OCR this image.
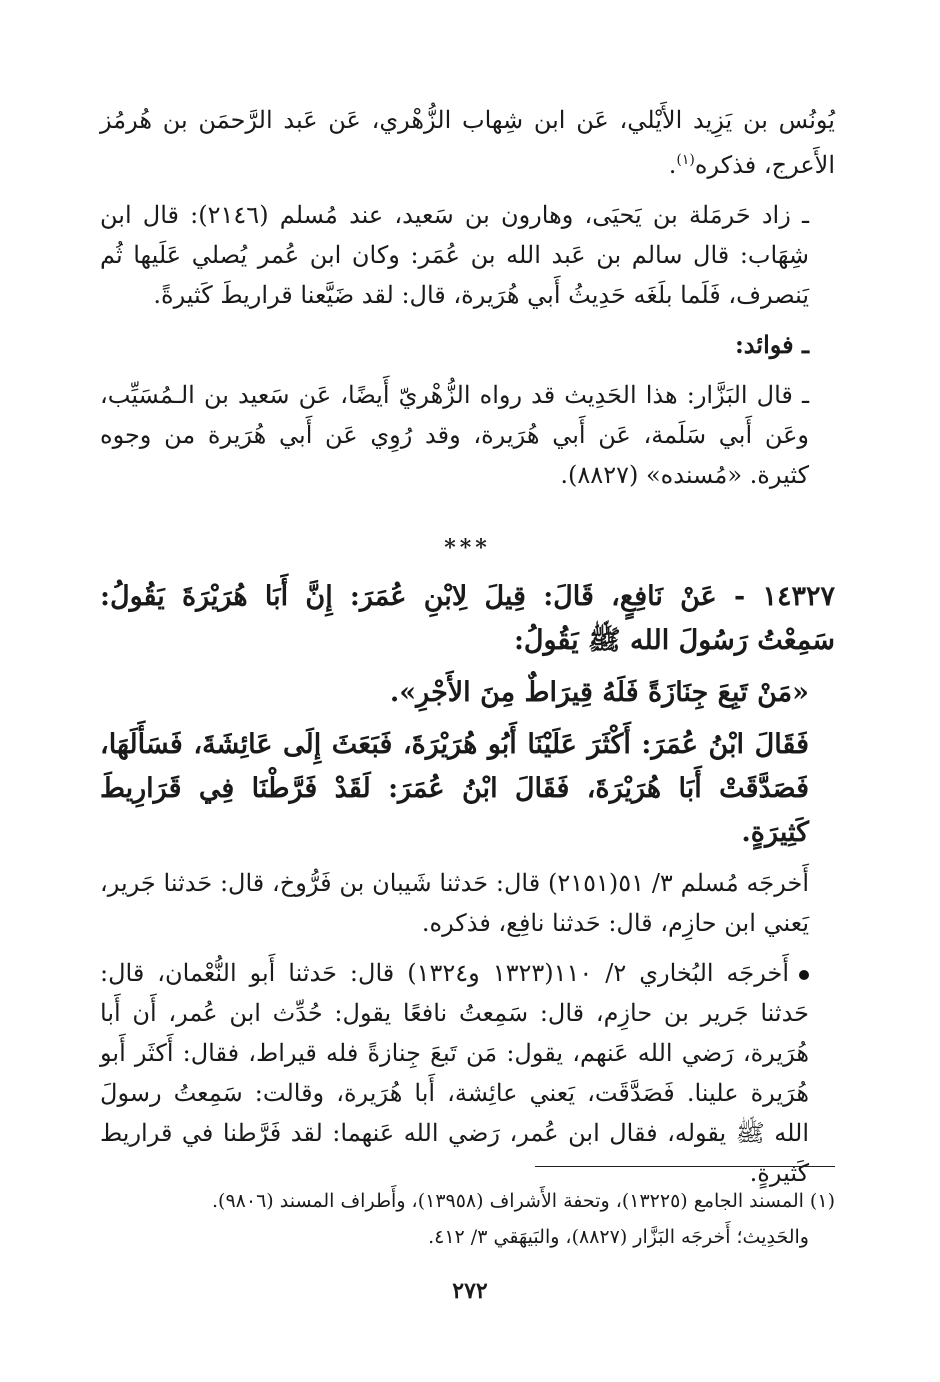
يُونُس بن يَزِيد الأَيْلي، عَن ابن شِهاب الزُّهْري، عَن عَبد الرَّحمَن بن هُرمُز الأَعرج، فذكره$^{(١)}$.

ـ زاد حَرمَلة بن يَحيَى، وهارون بن سَعيد، عند مُسلم (٢١٤٦): قال ابن شِهَاب: قال سالم بن عَبد الله بن عُمَر: وكان ابن عُمر يُصلي عَلَيها ثُم يَنصرف، فَلَما بلَغَه حَدِيثُ أَبي هُرَيرة، قال: لقد ضَيَّعنا قراريطَ كَثيرةً.

ـ فوائد:

ـ قال البَزَّار: هذا الحَدِيث قد رواه الزُّهْريّ أَيضًا، عَن سَعيد بن الـمُسَيِّب، وعَن أَبي سَلَمة، عَن أَبي هُرَيرة، وقد رُوِي عَن أَبي هُرَيرة من وجوه كثيرة. «مُسنده» (٨٨٢٧).

***

١٤٣٢٧ - عَنْ نَافِعٍ، قَالَ: قِيلَ لِابْنِ عُمَرَ: إِنَّ أَبَا هُرَيْرَةَ يَقُولُ: سَمِعْتُ رَسُولَ الله ﷺ يَقُولُ:

«مَنْ تَبِعَ جِنَازَةً فَلَهُ قِيرَاطٌ مِنَ الأَجْرِ».

فَقَالَ ابْنُ عُمَرَ: أَكْثَرَ عَلَيْنَا أَبُو هُرَيْرَةَ، فَبَعَثَ إِلَى عَائِشَةَ، فَسَأَلَهَا، فَصَدَّقَتْ أَبَا هُرَيْرَةَ، فَقَالَ ابْنُ عُمَرَ: لَقَدْ فَرَّطْنَا فِي قَرَارِيطَ كَثِيرَةٍ.

أَخرجَه مُسلم ٣/ ٥١(٢١٥١) قال: حَدثنا شَيبان بن فَرُّوخ، قال: حَدثنا جَرير، يَعني ابن حازِم، قال: حَدثنا نافِع، فذكره.

أَخرجَه البُخاري ٢/ ١١٠(١٣٢٣ و١٣٢٤) قال: حَدثنا أَبو النُّعْمان، قال: حَدثنا جَرير بن حازِم، قال: سَمِعتُ نافعًا يقول: حُدِّث ابن عُمر، أَن أَبا هُرَيرة، رَضي الله عَنهم، يقول: مَن تَبعَ جِنازةً فله قيراط، فقال: أَكثَر أَبو هُرَيرة علينا. فَصَدَّقَت، يَعني عائِشة، أَبا هُرَيرة، وقالت: سَمِعتُ رسولَ الله ﷺ يقوله، فقال ابن عُمر، رَضي الله عَنهما: لقد فَرَّطنا في قراريط كَثيرةٍ.

(١) المسند الجامع (١٣٢٢٥)، وتحفة الأَشراف (١٣٩٥٨)، وأَطراف المسند (٩٨٠٦).
والحَدِيث؛ أَخرجَه البَزَّار (٨٨٢٧)، والبَيهَقي ٣/ ٤١٢.
٢٧٢
